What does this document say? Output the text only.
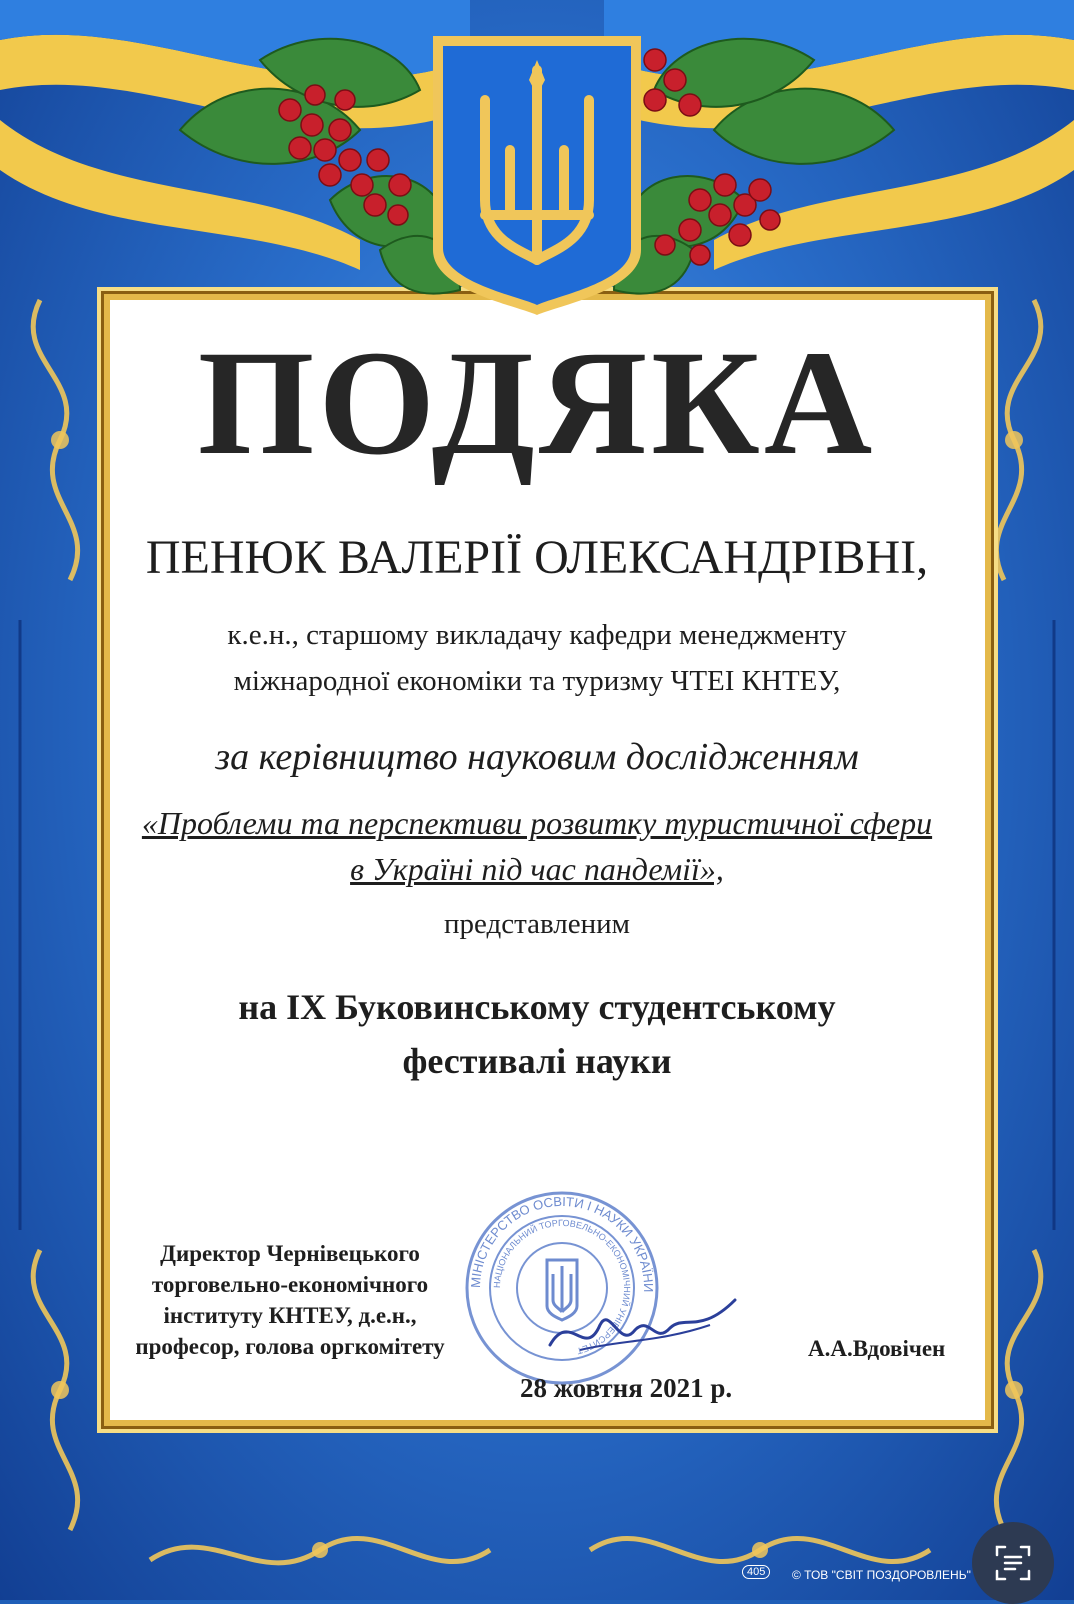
ПОДЯКА
ПЕНЮК ВАЛЕРІЇ ОЛЕКСАНДРІВНІ,
к.е.н., старшому викладачу кафедри менеджменту
міжнародної економіки та туризму ЧТЕІ КНТЕУ,
за керівництво науковим дослідженням
«Проблеми та перспективи розвитку туристичної сфери
в Україні під час пандемії»,
представленим
на IX Буковинському студентському
фестивалі науки
Директор Чернівецького
торговельно-економічного
інституту КНТЕУ, д.е.н.,
професор, голова оргкомітету
МІНІСТЕРСТВО ОСВІТИ І НАУКИ УКРАЇНИ
НАЦІОНАЛЬНИЙ ТОРГОВЕЛЬНО-ЕКОНОМІЧНИЙ УНІВЕРСИТЕТ	А.А.Вдовічен
28 жовтня 2021 р.
405	© ТОВ "СВІТ ПОЗДОРОВЛЕНЬ"
